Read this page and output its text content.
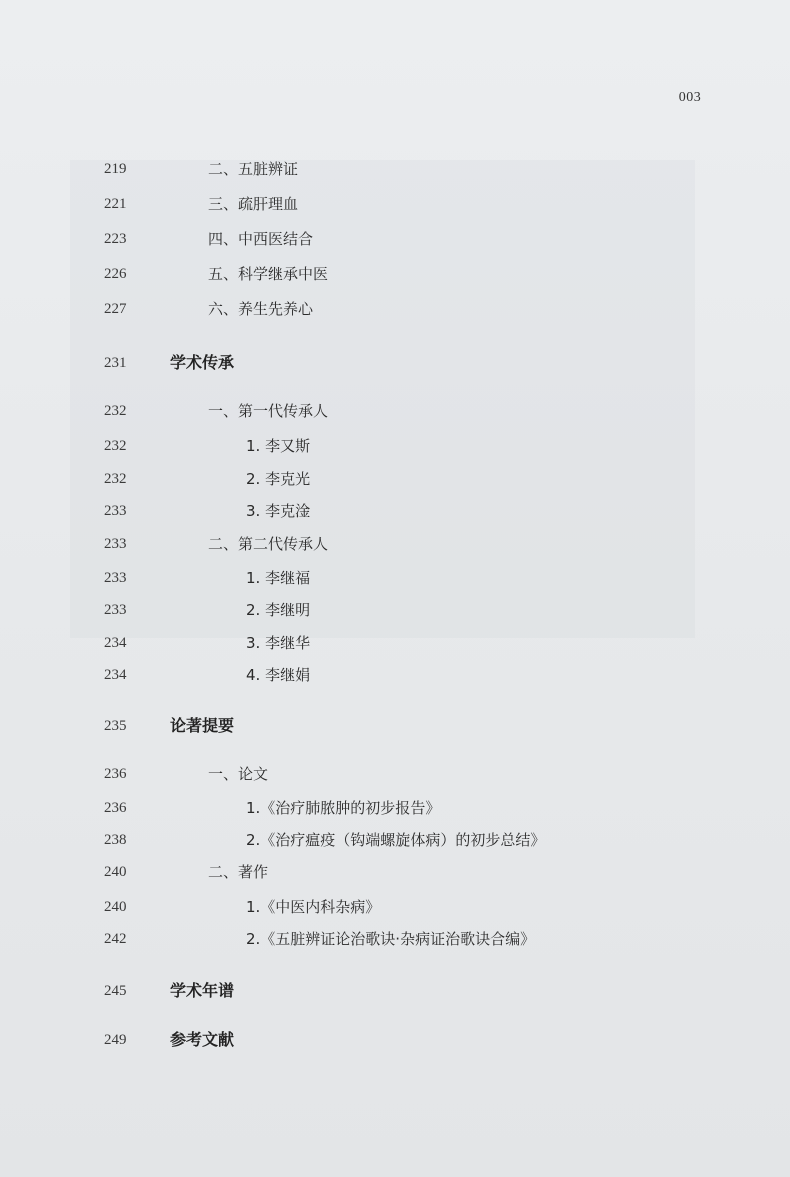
003
219	二、五脏辨证
221	三、疏肝理血
223	四、中西医结合
226	五、科学继承中医
227	六、养生先养心
231	学术传承
232	一、第一代传承人
232	1. 李又斯
232	2. 李克光
233	3. 李克淦
233	二、第二代传承人
233	1. 李继福
233	2. 李继明
234	3. 李继华
234	4. 李继娟
235	论著提要
236	一、论文
236	1.《治疗肺脓肿的初步报告》
238	2.《治疗瘟疫（钩端螺旋体病）的初步总结》
240	二、著作
240	1.《中医内科杂病》
242	2.《五脏辨证论治歌诀·杂病证治歌诀合编》
245	学术年谱
249	参考文献
